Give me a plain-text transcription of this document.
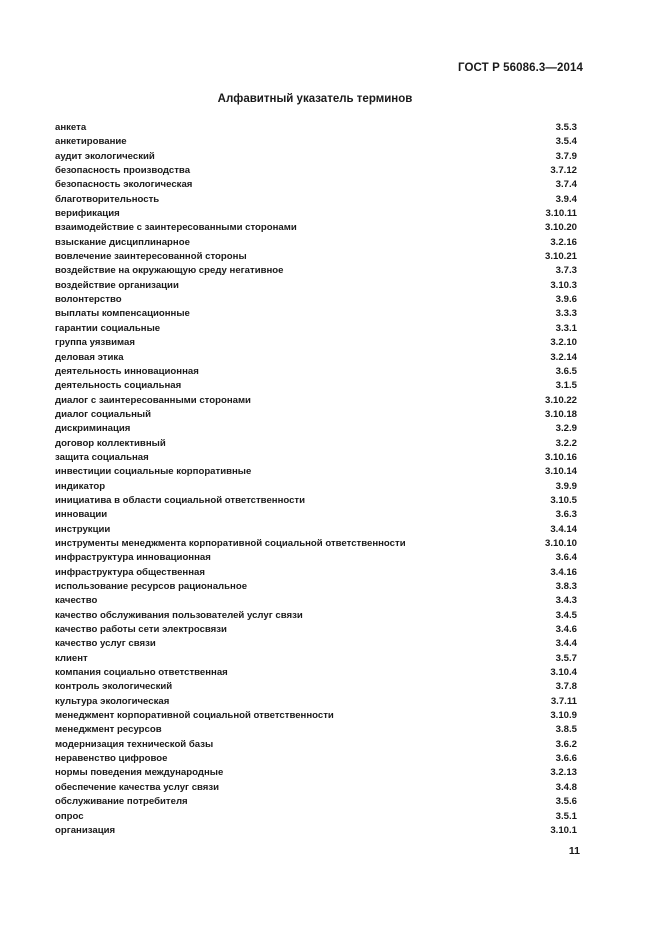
ГОСТ Р 56086.3—2014
Алфавитный указатель терминов
анкета	3.5.3
анкетирование	3.5.4
аудит экологический	3.7.9
безопасность производства	3.7.12
безопасность экологическая	3.7.4
благотворительность	3.9.4
верификация	3.10.11
взаимодействие с заинтересованными сторонами	3.10.20
взыскание дисциплинарное	3.2.16
вовлечение заинтересованной стороны	3.10.21
воздействие на окружающую среду негативное	3.7.3
воздействие организации	3.10.3
волонтерство	3.9.6
выплаты компенсационные	3.3.3
гарантии социальные	3.3.1
группа уязвимая	3.2.10
деловая этика	3.2.14
деятельность инновационная	3.6.5
деятельность социальная	3.1.5
диалог с заинтересованными сторонами	3.10.22
диалог социальный	3.10.18
дискриминация	3.2.9
договор коллективный	3.2.2
защита социальная	3.10.16
инвестиции социальные корпоративные	3.10.14
индикатор	3.9.9
инициатива в области социальной ответственности	3.10.5
инновации	3.6.3
инструкции	3.4.14
инструменты менеджмента корпоративной социальной ответственности	3.10.10
инфраструктура инновационная	3.6.4
инфраструктура общественная	3.4.16
использование ресурсов рациональное	3.8.3
качество	3.4.3
качество обслуживания пользователей услуг связи	3.4.5
качество работы сети электросвязи	3.4.6
качество услуг связи	3.4.4
клиент	3.5.7
компания социально ответственная	3.10.4
контроль экологический	3.7.8
культура экологическая	3.7.11
менеджмент корпоративной социальной ответственности	3.10.9
менеджмент ресурсов	3.8.5
модернизация технической базы	3.6.2
неравенство цифровое	3.6.6
нормы поведения международные	3.2.13
обеспечение качества услуг связи	3.4.8
обслуживание потребителя	3.5.6
опрос	3.5.1
организация	3.10.1
11
